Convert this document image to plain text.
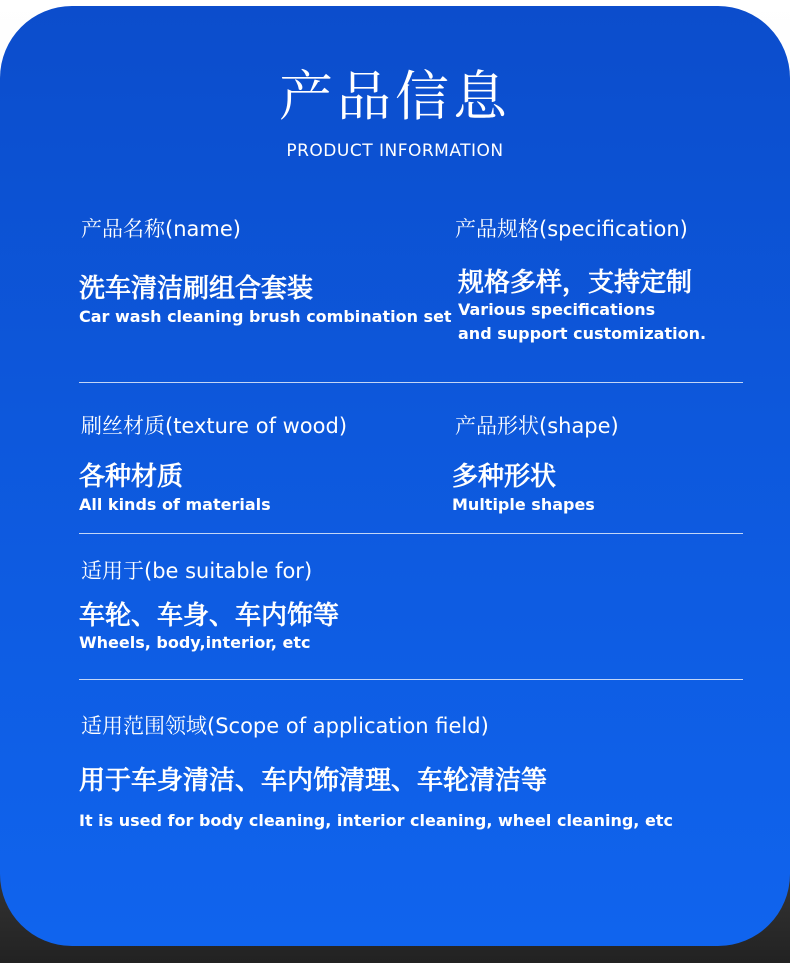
产品信息
PRODUCT INFORMATION
产品名称(name)
洗车清洁刷组合套装
Car wash cleaning brush combination set
产品规格(specification)
规格多样，支持定制
Various specifications
and support customization.
刷丝材质(texture of wood)
各种材质
All kinds of materials
产品形状(shape)
多种形状
Multiple shapes
适用于(be suitable for)
车轮、车身、车内饰等
Wheels, body,interior, etc
适用范围领域(Scope of application field)
用于车身清洁、车内饰清理、车轮清洁等
It is used for body cleaning, interior cleaning, wheel cleaning, etc
